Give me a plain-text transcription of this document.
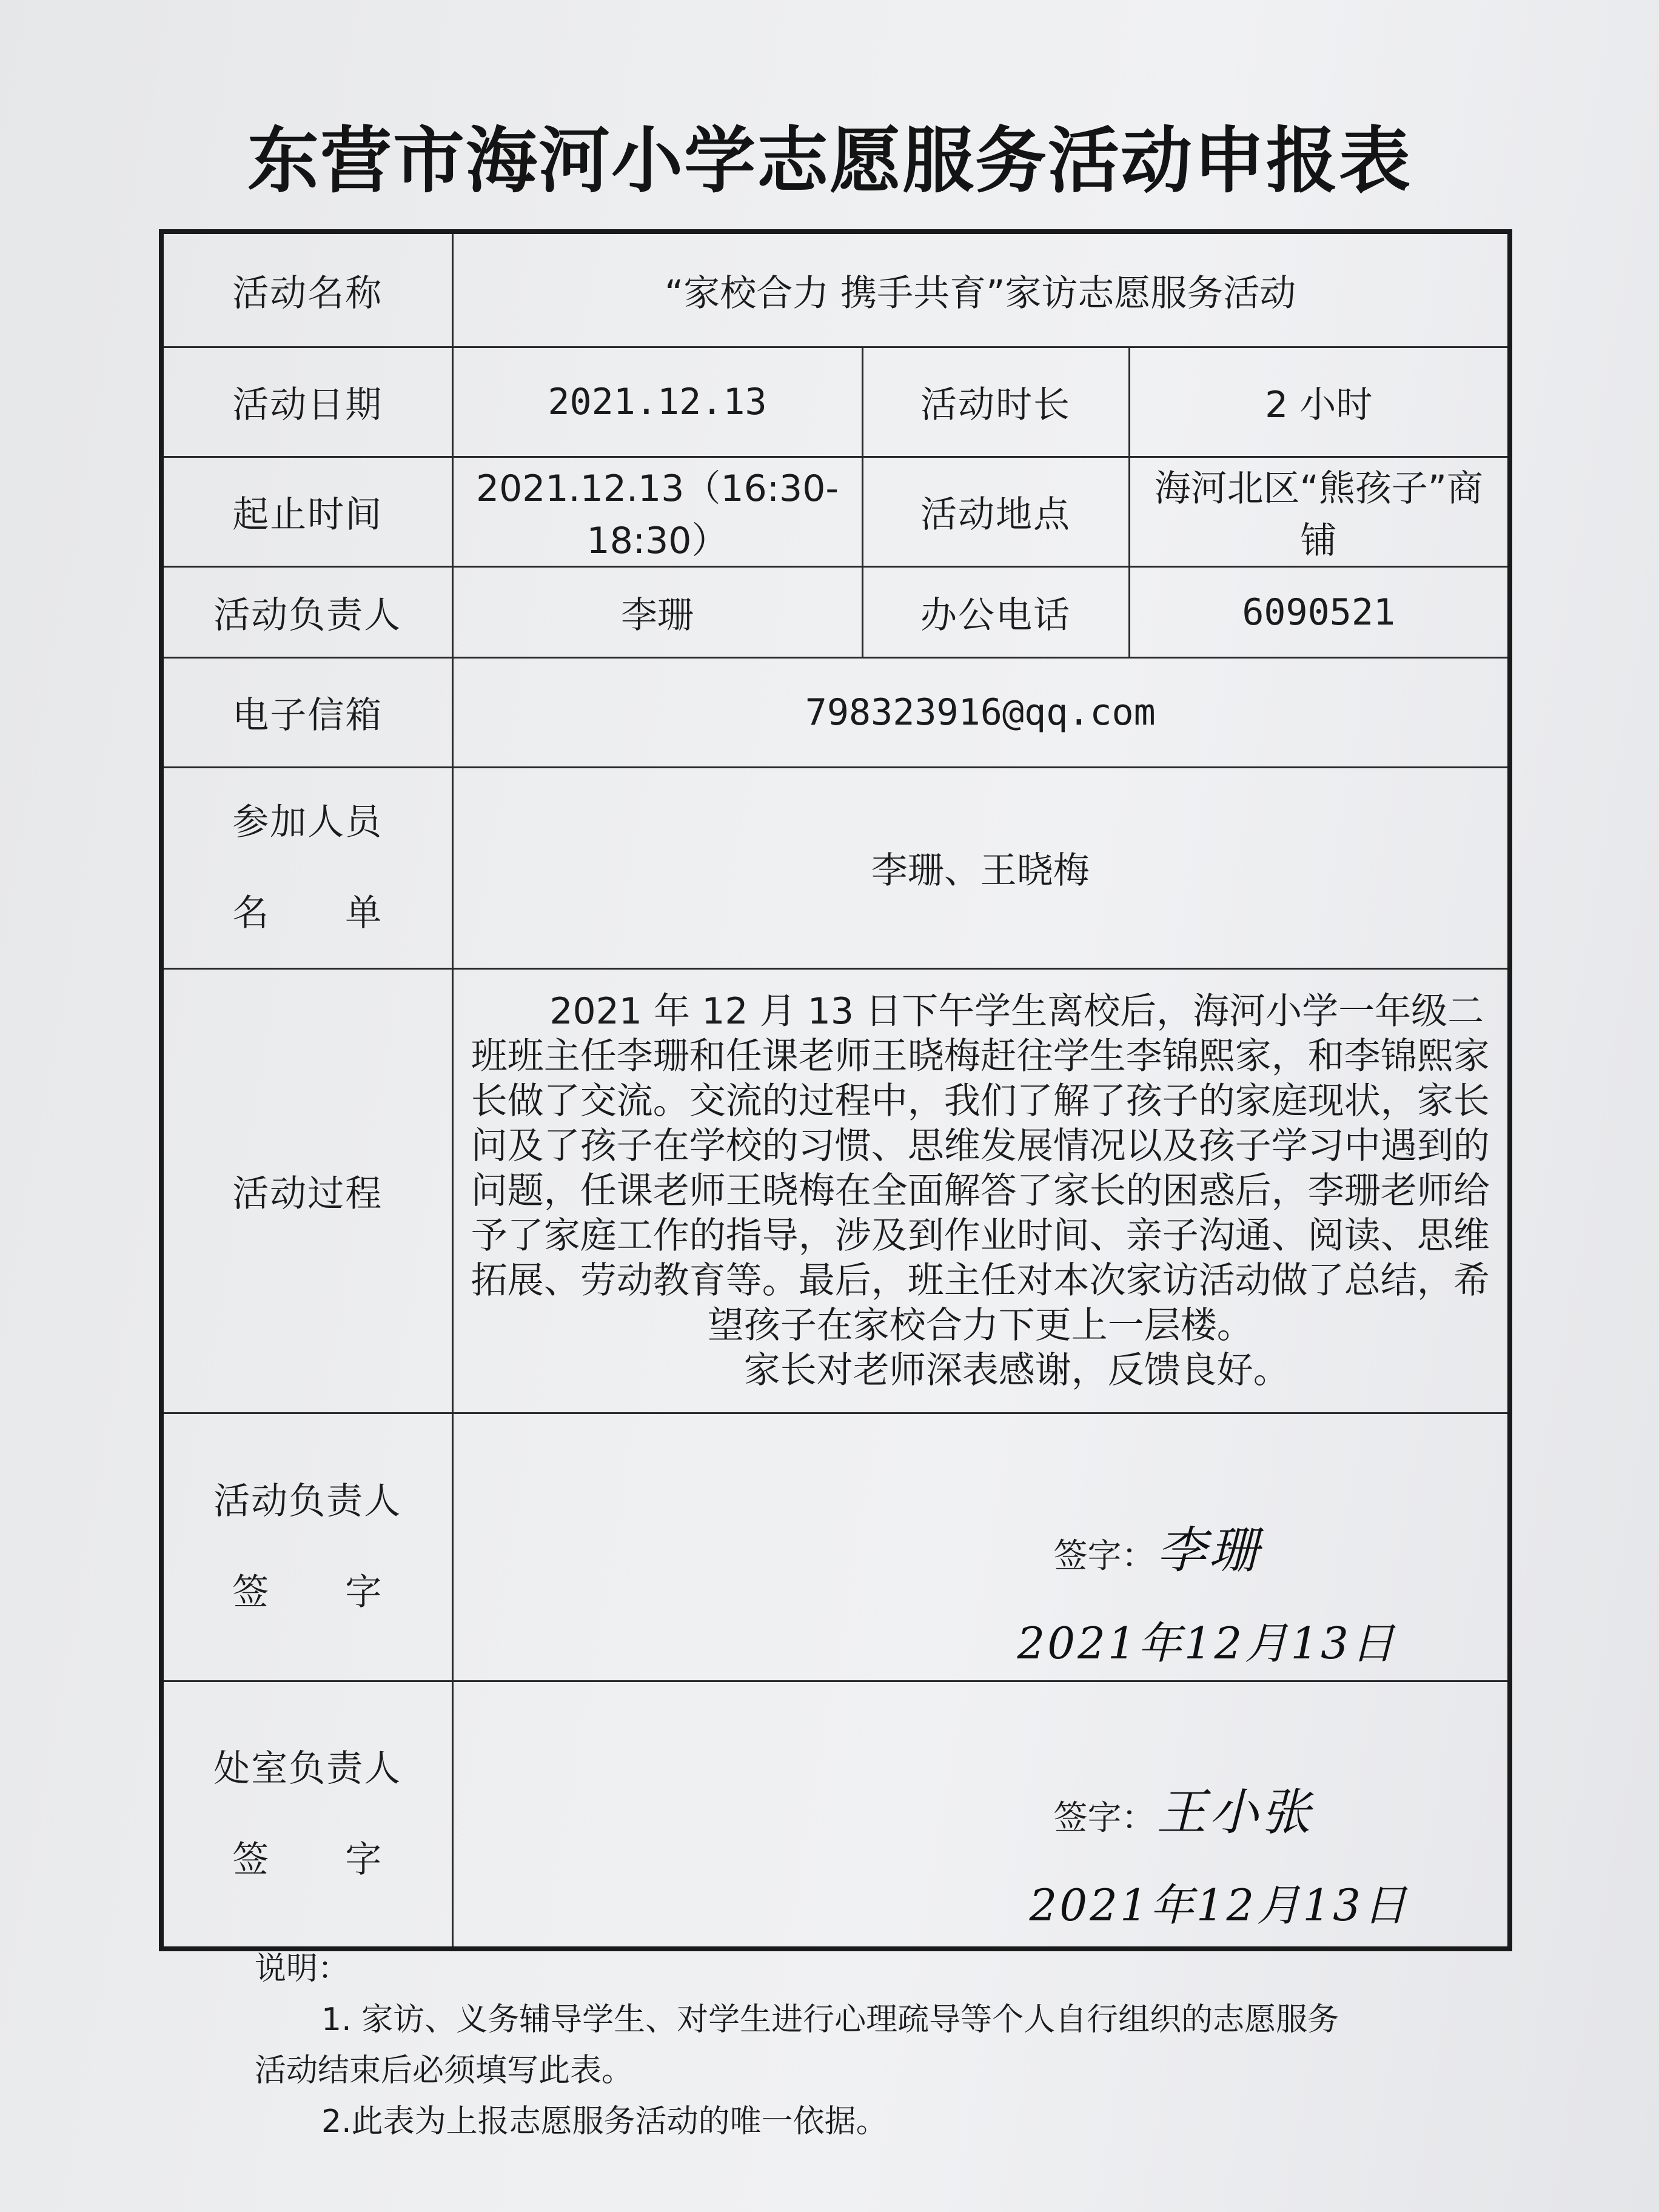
东营市海河小学志愿服务活动申报表
活动名称	“家校合力 携手共育”家访志愿服务活动		
活动日期	2021.12.13	活动时长	2 小时
起止时间	2021.12.13（16:30-18:30）	活动地点	海河北区“熊孩子”商铺
活动负责人	李珊	办公电话	6090521
电子信箱	798323916@qq.com		
参加人员
名　　单	李珊、王晓梅		
活动过程	2021 年 12 月 13 日下午学生离校后，海河小学一年级二班班主任李珊和任课老师王晓梅赶往学生李锦熙家，和李锦熙家长做了交流。交流的过程中，我们了解了孩子的家庭现状，家长问及了孩子在学校的习惯、思维发展情况以及孩子学习中遇到的问题，任课老师王晓梅在全面解答了家长的困惑后，李珊老师给予了家庭工作的指导，涉及到作业时间、亲子沟通、阅读、思维拓展、劳动教育等。最后，班主任对本次家访活动做了总结，希望孩子在家校合力下更上一层楼。

家长对老师深表感谢，反馈良好。		

活动负责人
签　　字	签字： 李珊
2021年12月13日		

处室负责人
签　　字	签字： 王小张
2021年12月13日		
说明：
1. 家访、义务辅导学生、对学生进行心理疏导等个人自行组织的志愿服务
活动结束后必须填写此表。
2.此表为上报志愿服务活动的唯一依据。
